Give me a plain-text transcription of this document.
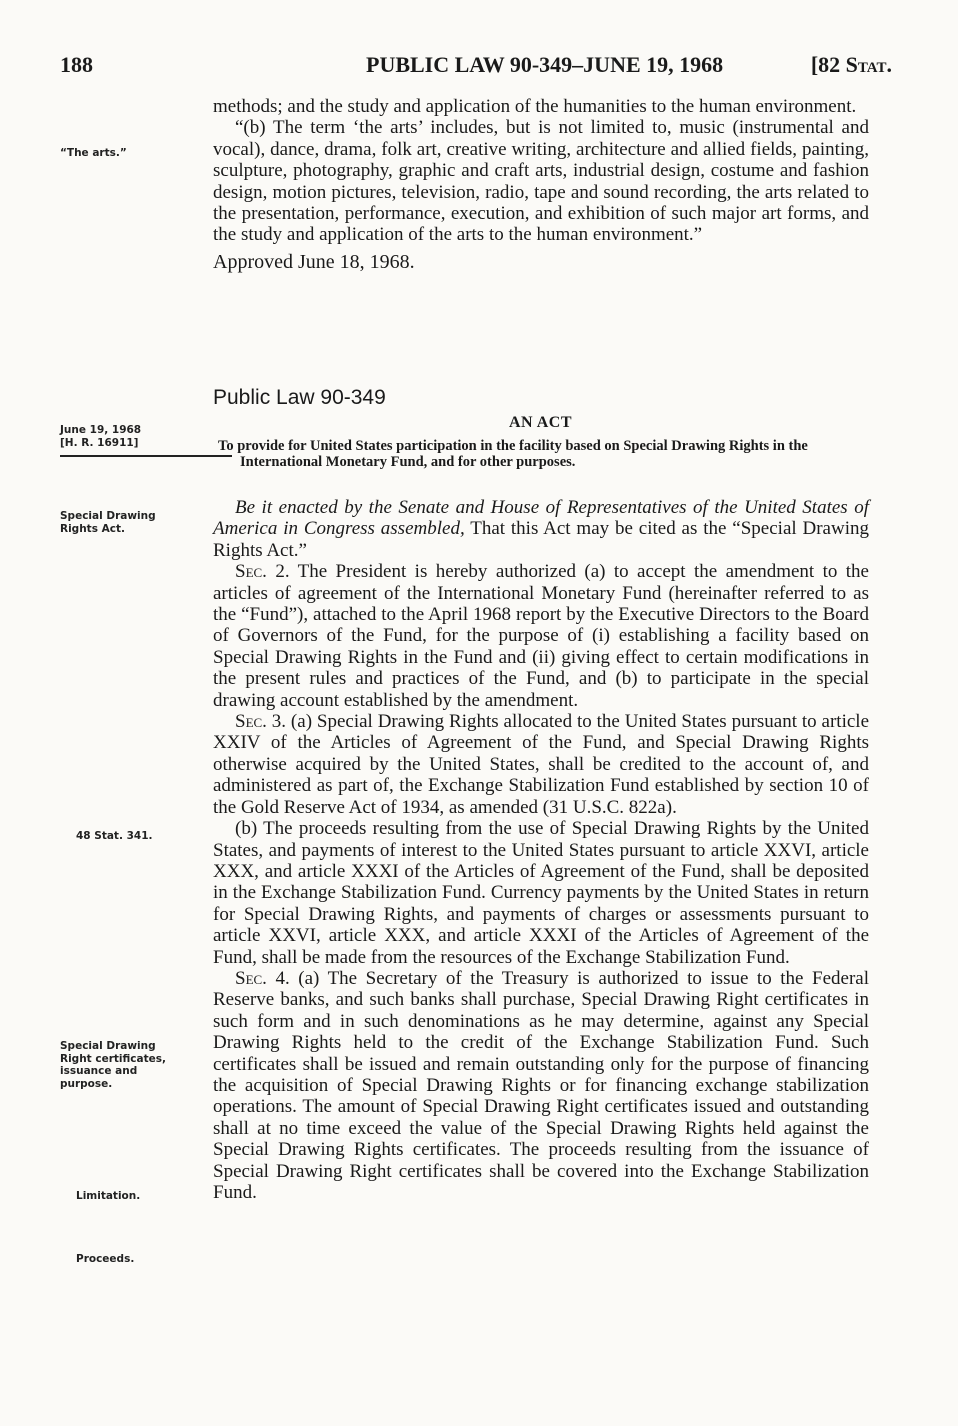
188	PUBLIC LAW 90-349–JUNE 19, 1968	[82 Stat.

methods; and the study and application of the humanities to the human environment.

“(b) The term ‘the arts’ includes, but is not limited to, music (instrumental and vocal), dance, drama, folk art, creative writing, architecture and allied fields, painting, sculpture, photography, graphic and craft arts, industrial design, costume and fashion design, motion pictures, television, radio, tape and sound recording, the arts related to the presentation, performance, execution, and exhibition of such major art forms, and the study and application of the arts to the human environment.”

Approved June 18, 1968.

“The arts.”
Public Law 90-349
June 19, 1968
[H. R. 16911]
AN ACT
To provide for United States participation in the facility based on Special Drawing Rights in the International Monetary Fund, and for other purposes.

Be it enacted by the Senate and House of Representatives of the United States of America in Congress assembled, That this Act may be cited as the “Special Drawing Rights Act.”

Sec. 2. The President is hereby authorized (a) to accept the amendment to the articles of agreement of the International Monetary Fund (hereinafter referred to as the “Fund”), attached to the April 1968 report by the Executive Directors to the Board of Governors of the Fund, for the purpose of (i) establishing a facility based on Special Drawing Rights in the Fund and (ii) giving effect to certain modifications in the present rules and practices of the Fund, and (b) to participate in the special drawing account established by the amendment.

Sec. 3. (a) Special Drawing Rights allocated to the United States pursuant to article XXIV of the Articles of Agreement of the Fund, and Special Drawing Rights otherwise acquired by the United States, shall be credited to the account of, and administered as part of, the Exchange Stabilization Fund established by section 10 of the Gold Reserve Act of 1934, as amended (31 U.S.C. 822a).

(b) The proceeds resulting from the use of Special Drawing Rights by the United States, and payments of interest to the United States pursuant to article XXVI, article XXX, and article XXXI of the Articles of Agreement of the Fund, shall be deposited in the Exchange Stabilization Fund. Currency payments by the United States in return for Special Drawing Rights, and payments of charges or assessments pursuant to article XXVI, article XXX, and article XXXI of the Articles of Agreement of the Fund, shall be made from the resources of the Exchange Stabilization Fund.

Sec. 4. (a) The Secretary of the Treasury is authorized to issue to the Federal Reserve banks, and such banks shall purchase, Special Drawing Right certificates in such form and in such denominations as he may determine, against any Special Drawing Rights held to the credit of the Exchange Stabilization Fund. Such certificates shall be issued and remain outstanding only for the purpose of financing the acquisition of Special Drawing Rights or for financing exchange stabilization operations. The amount of Special Drawing Right certificates issued and outstanding shall at no time exceed the value of the Special Drawing Rights held against the Special Drawing Rights certificates. The proceeds resulting from the issuance of Special Drawing Right certificates shall be covered into the Exchange Stabilization Fund.

Special Drawing Rights Act.
48 Stat. 341.
Special Drawing Right certificates, issuance and purpose.
Limitation.
Proceeds.
